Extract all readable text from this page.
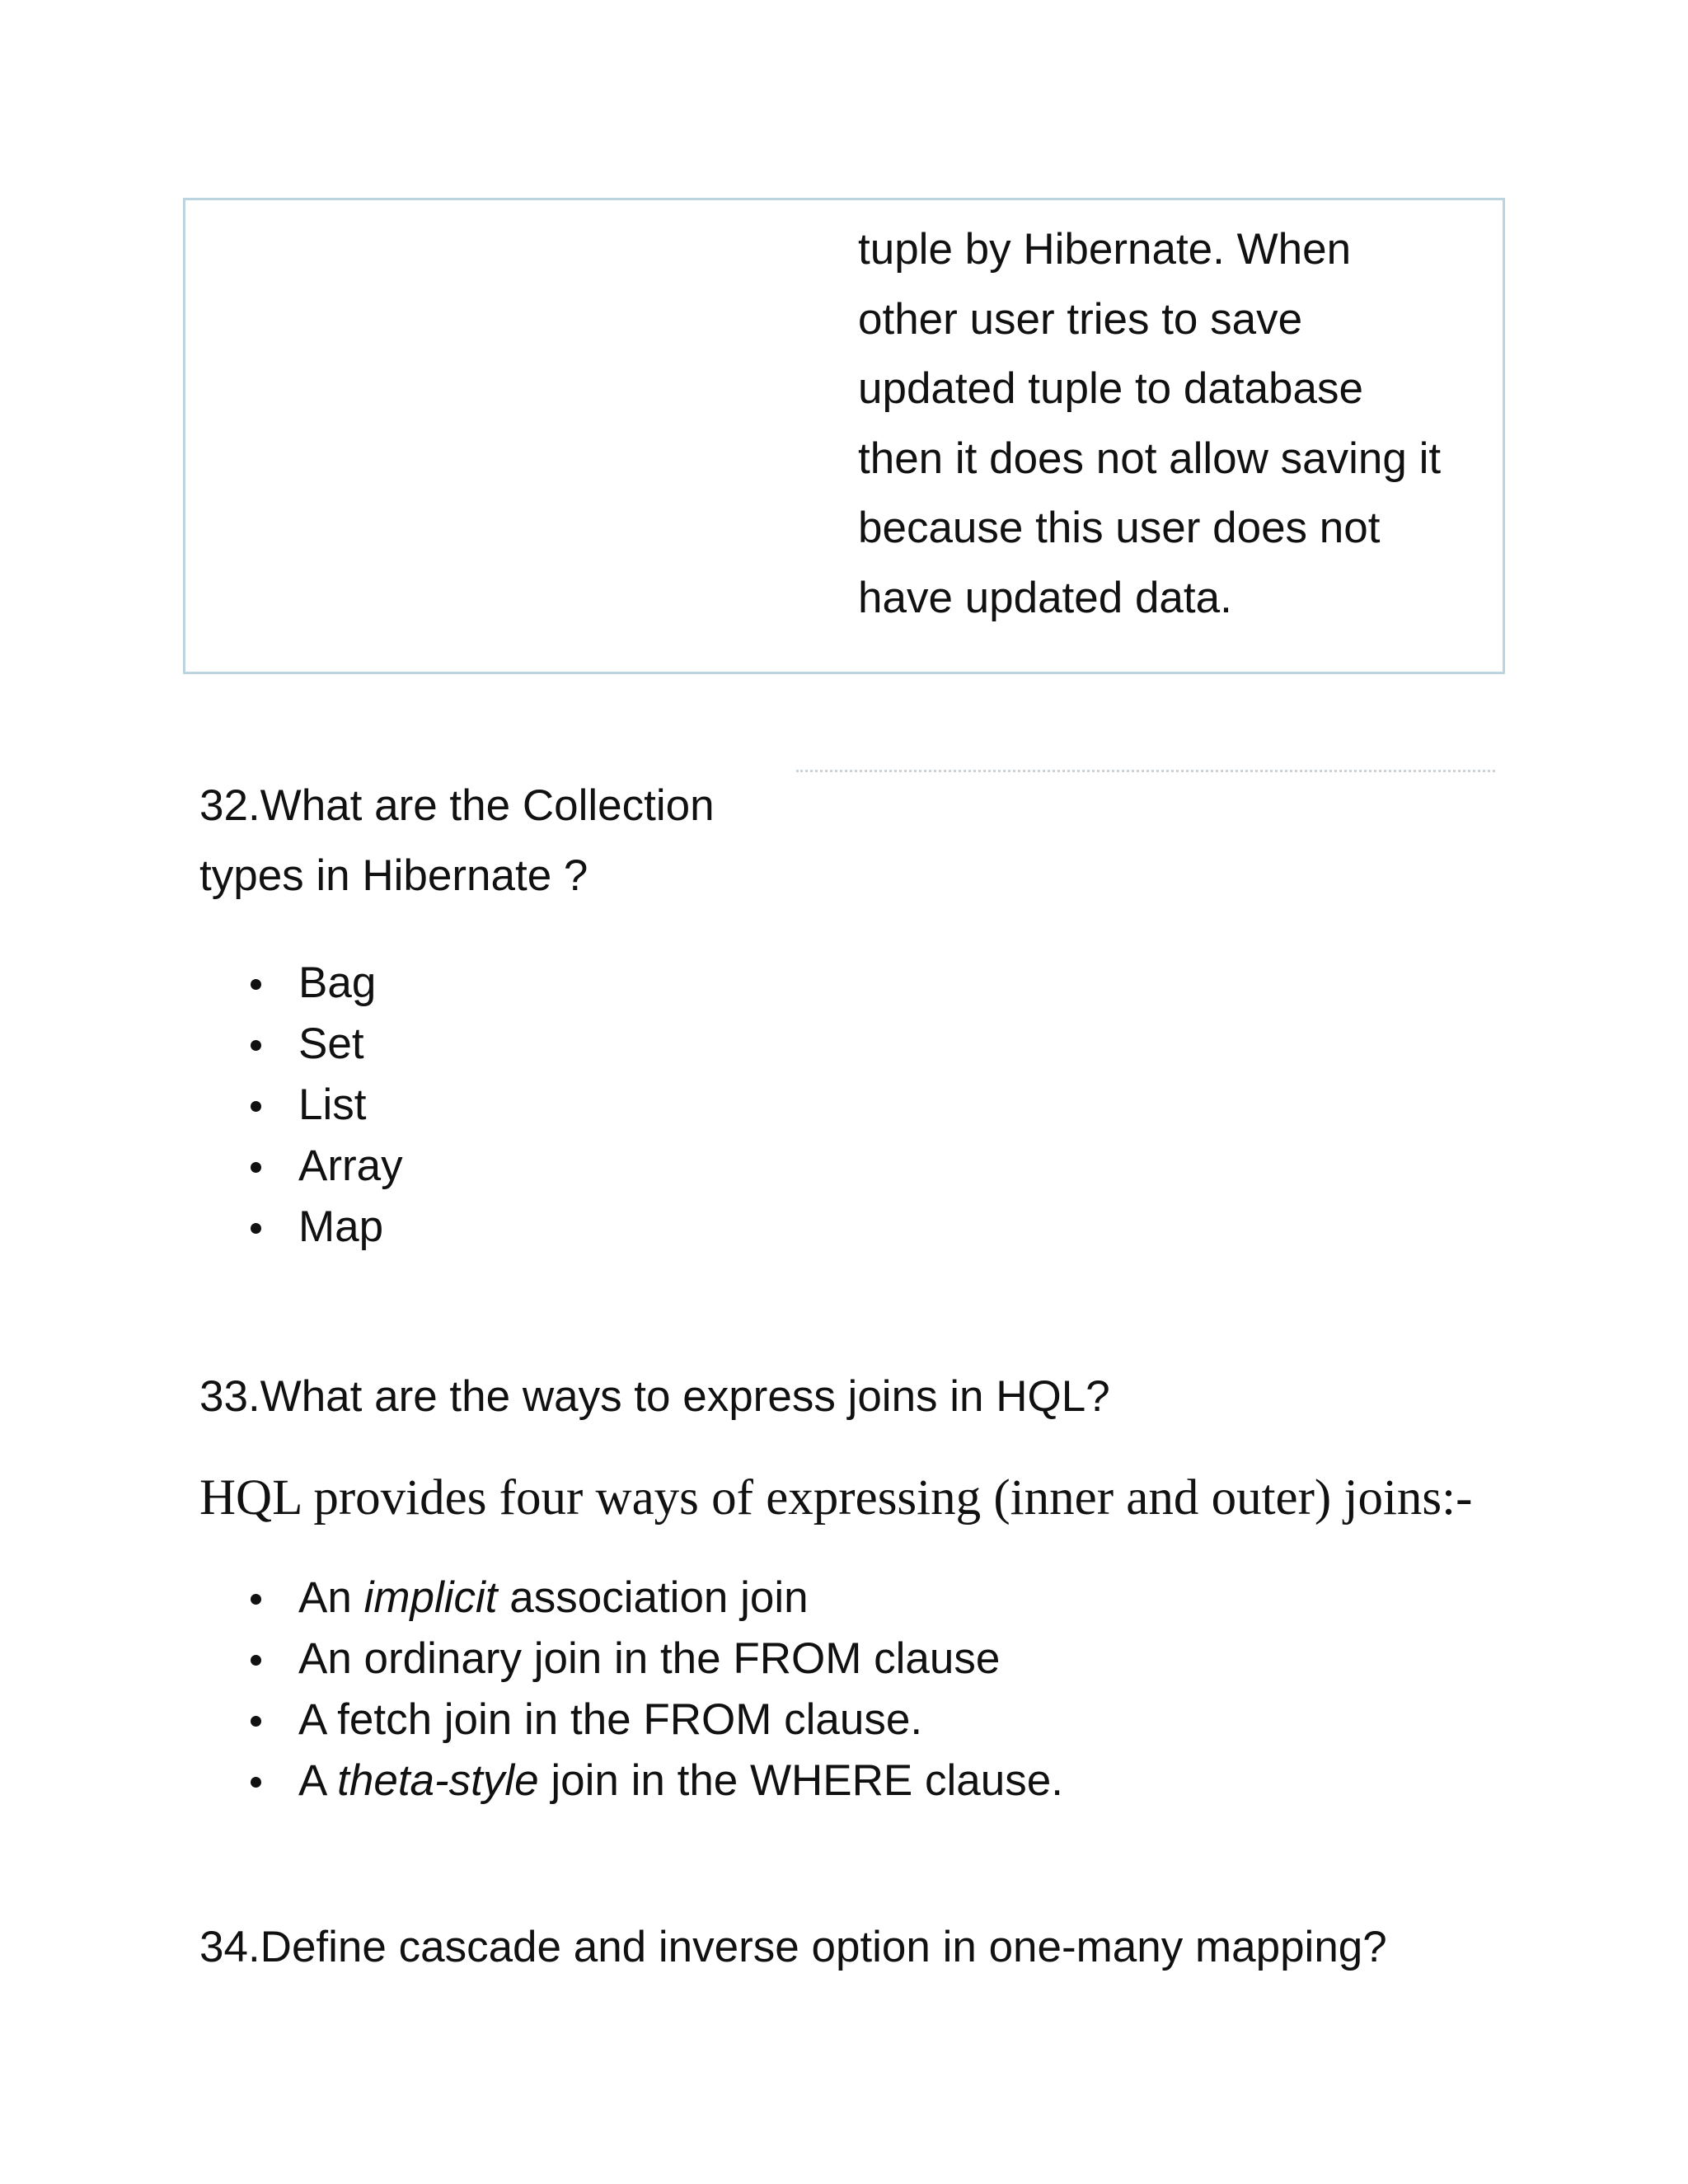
tuple by Hibernate. When
other user tries to save
updated tuple to database
then it does not allow saving it
because this user does not
have updated data.
32.What are the Collection
types in Hibernate ?
Bag
Set
List
Array
Map
33.What are the ways to express joins in HQL?
HQL provides four ways of expressing (inner and outer) joins:-
An implicit association join
An ordinary join in the FROM clause
A fetch join in the FROM clause.
A theta-style join in the WHERE clause.
34.Define cascade and inverse option in one-many mapping?
